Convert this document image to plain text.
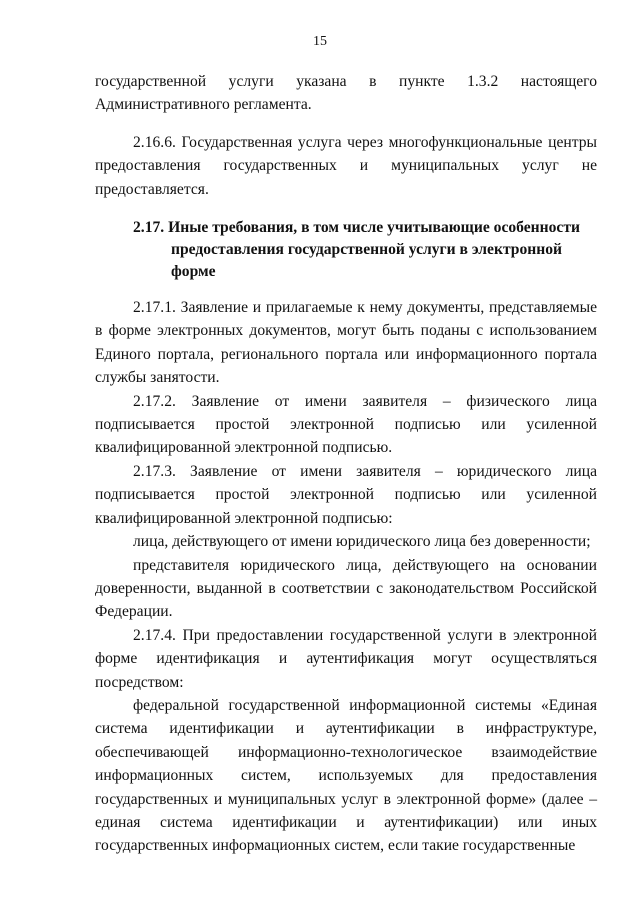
15

государственной услуги указана в пункте 1.3.2 настоящего Административного регламента.

2.16.6. Государственная услуга через многофункциональные центры предоставления государственных и муниципальных услуг не предоставляется.

2.17. Иные требования, в том числе учитывающие особенности
предоставления государственной услуги в электронной форме

2.17.1. Заявление и прилагаемые к нему документы, представляемые в форме электронных документов, могут быть поданы с использованием Единого портала, регионального портала или информационного портала службы занятости.

2.17.2. Заявление от имени заявителя – физического лица подписывается простой электронной подписью или усиленной квалифицированной электронной подписью.

2.17.3. Заявление от имени заявителя – юридического лица подписывается простой электронной подписью или усиленной квалифицированной электронной подписью:

лица, действующего от имени юридического лица без доверенности;

представителя юридического лица, действующего на основании доверенности, выданной в соответствии с законодательством Российской Федерации.

2.17.4. При предоставлении государственной услуги в электронной форме идентификация и аутентификация могут осуществляться посредством:

федеральной государственной информационной системы «Единая система идентификации и аутентификации в инфраструктуре, обеспечивающей информационно-технологическое взаимодействие информационных систем, используемых для предоставления государственных и муниципальных услуг в электронной форме» (далее – единая система идентификации и аутентификации) или иных государственных информационных систем, если такие государственные
